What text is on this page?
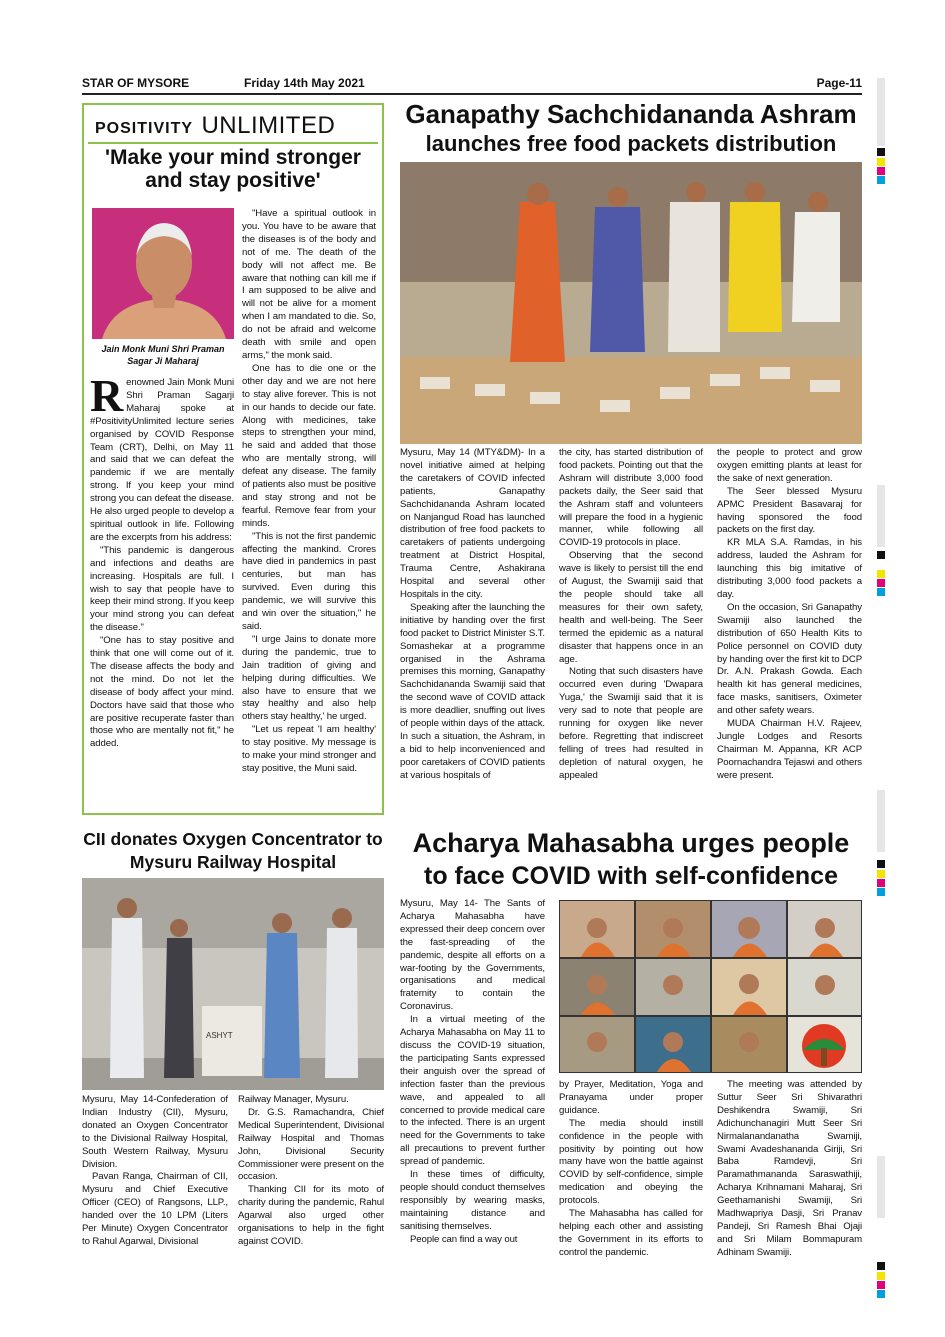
STAR OF MYSORE	Friday 14th May 2021	Page-11
POSITIVITY UNLIMITED
'Make your mind stronger and stay positive'
Jain Monk Muni Shri Praman Sagar Ji Maharaj
R enowned Jain Monk Muni Shri Praman Sagarji Maharaj spoke at #PositivityUnlimited lecture series organised by COVID Response Team (CRT), Delhi, on May 11 and said that we can defeat the pandemic if we are mentally strong. If you keep your mind strong you can defeat the disease. He also urged people to develop a spiritual outlook in life. Following are the excerpts from his address:

"This pandemic is dangerous and infections and deaths are increasing. Hospitals are full. I wish to say that people have to keep their mind strong. If you keep your mind strong you can defeat the disease."

"One has to stay positive and think that one will come out of it. The disease affects the body and not the mind. Do not let the disease of body affect your mind. Doctors have said that those who are positive recuperate faster than those who are mentally not fit," he added.

"Have a spiritual outlook in you. You have to be aware that the diseases is of the body and not of me. The death of the body will not affect me. Be aware that nothing can kill me if I am supposed to be alive and will not be alive for a moment when I am mandated to die. So, do not be afraid and welcome death with smile and open arms," the monk said.

One has to die one or the other day and we are not here to stay alive forever. This is not in our hands to decide our fate. Along with medicines, take steps to strengthen your mind, he said and added that those who are mentally strong, will defeat any disease. The family of patients also must be positive and stay strong and not be fearful. Remove fear from your minds.

"This is not the first pandemic affecting the mankind. Crores have died in pandemics in past centuries, but man has survived. Even during this pandemic, we will survive this and win over the situation," he said.

"I urge Jains to donate more during the pandemic, true to Jain tradition of giving and helping during difficulties. We also have to ensure that we stay healthy and also help others stay healthy,' he urged.

"Let us repeat 'I am healthy' to stay positive. My message is to make your mind stronger and stay positive, the Muni said.

Ganapathy Sachchidananda Ashram
launches free food packets distribution

Mysuru, May 14 (MTY&DM)- In a novel initiative aimed at helping the caretakers of COVID infected patients, Ganapathy Sachchidananda Ashram located on Nanjangud Road has launched distribution of free food packets to caretakers of patients undergoing treatment at District Hospital, Trauma Centre, Ashakirana Hospital and several other Hospitals in the city.

Speaking after the launching the initiative by handing over the first food packet to District Minister S.T. Somashekar at a programme organised in the Ashrama premises this morning, Ganapathy Sachchidananda Swamiji said that the second wave of COVID attack is more deadlier, snuffing out lives of people within days of the attack. In such a situation, the Ashram, in a bid to help inconvenienced and poor caretakers of COVID patients at various hospitals of

the city, has started distribution of food packets. Pointing out that the Ashram will distribute 3,000 food packets daily, the Seer said that the Ashram staff and volunteers will prepare the food in a hygienic manner, while following all COVID-19 protocols in place.

Observing that the second wave is likely to persist till the end of August, the Swamiji said that the people should take all measures for their own safety, health and well-being. The Seer termed the epidemic as a natural disaster that happens once in an age.

Noting that such disasters have occurred even during 'Dwapara Yuga,' the Swamiji said that it is very sad to note that people are running for oxygen like never before. Regretting that indiscreet felling of trees had resulted in depletion of natural oxygen, he appealed

the people to protect and grow oxygen emitting plants at least for the sake of next generation.

The Seer blessed Mysuru APMC President Basavaraj for having sponsored the food packets on the first day.

KR MLA S.A. Ramdas, in his address, lauded the Ashram for launching this big imitative of distributing 3,000 food packets a day.

On the occasion, Sri Ganapathy Swamiji also launched the distribution of 650 Health Kits to Police personnel on COVID duty by handing over the first kit to DCP Dr. A.N. Prakash Gowda. Each health kit has general medicines, face masks, sanitisers, Oximeter and other safety wears.

MUDA Chairman H.V. Rajeev, Jungle Lodges and Resorts Chairman M. Appanna, KR ACP Poornachandra Tejaswi and others were present.

CII donates Oxygen Concentrator to Mysuru Railway Hospital
ASHYT

Mysuru, May 14-Confederation of Indian Industry (CII), Mysuru, donated an Oxygen Concentrator to the Divisional Railway Hospital, South Western Railway, Mysuru Division.

Pavan Ranga, Chairman of CII, Mysuru and Chief Executive Officer (CEO) of Rangsons, LLP., handed over the 10 LPM (Liters Per Minute) Oxygen Concentrator to Rahul Agarwal, Divisional

Railway Manager, Mysuru.

Dr. G.S. Ramachandra, Chief Medical Superintendent, Divisional Railway Hospital and Thomas John, Divisional Security Commissioner were present on the occasion.

Thanking CII for its moto of charity during the pandemic, Rahul Agarwal also urged other organisations to help in the fight against COVID.

Acharya Mahasabha urges people
to face COVID with self-confidence

Mysuru, May 14- The Sants of Acharya Mahasabha have expressed their deep concern over the fast-spreading of the pandemic, despite all efforts on a war-footing by the Governments, organisations and medical fraternity to contain the Coronavirus.

In a virtual meeting of the Acharya Mahasabha on May 11 to discuss the COVID-19 situation, the participating Sants expressed their anguish over the spread of infection faster than the previous wave, and appealed to all concerned to provide medical care to the infected. There is an urgent need for the Governments to take all precautions to prevent further spread of pandemic.

In these times of difficulty, people should conduct themselves responsibly by wearing masks, maintaining distance and sanitising themselves.

People can find a way out

by Prayer, Meditation, Yoga and Pranayama under proper guidance.

The media should instill confidence in the people with positivity by pointing out how many have won the battle against COVID by self-confidence, simple medication and obeying the protocols.

The Mahasabha has called for helping each other and assisting the Government in its efforts to control the pandemic.

The meeting was attended by Suttur Seer Sri Shivarathri Deshikendra Swamiji, Sri Adichunchanagiri Mutt Seer Sri Nirmalanandanatha Swamiji, Swami Avadeshananda Giriji, Sri Baba Ramdevji, Sri Paramathmananda Saraswathiji, Acharya Krihnamani Maharaj, Sri Geethamanishi Swamiji, Sri Madhwapriya Dasji, Sri Pranav Pandeji, Sri Ramesh Bhai Ojaji and Sri Milam Bommapuram Adhinam Swamiji.
